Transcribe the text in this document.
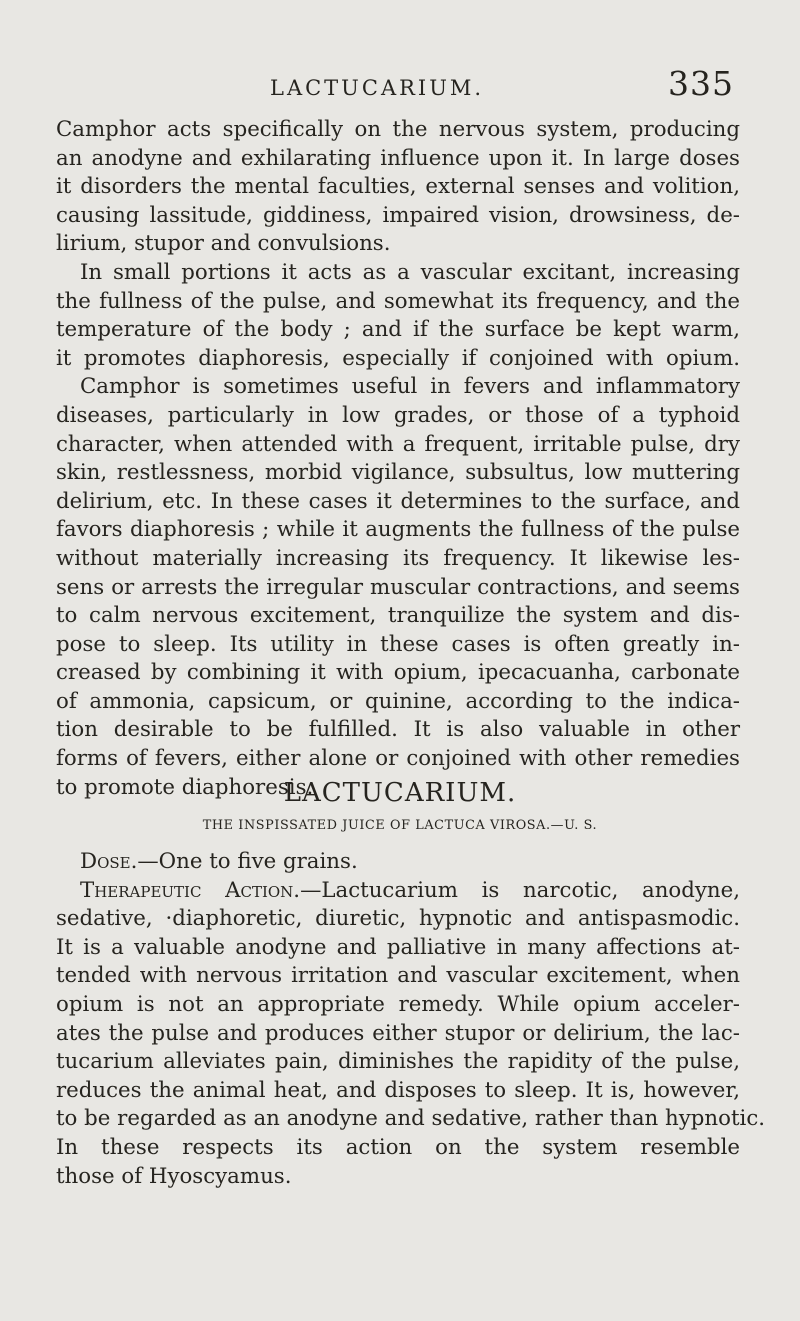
LACTUCARIUM.	335
Camphor acts specifically on the nervous system, producing
an anodyne and exhilarating influence upon it. In large doses
it disorders the mental faculties, external senses and volition,
causing lassitude, giddiness, impaired vision, drowsiness, de-
lirium, stupor and convulsions.
In small portions it acts as a vascular excitant, increasing
the fullness of the pulse, and somewhat its frequency, and the
temperature of the body ; and if the surface be kept warm,
it promotes diaphoresis, especially if conjoined with opium.
Camphor is sometimes useful in fevers and inflammatory
diseases, particularly in low grades, or those of a typhoid
character, when attended with a frequent, irritable pulse, dry
skin, restlessness, morbid vigilance, subsultus, low muttering
delirium, etc. In these cases it determines to the surface, and
favors diaphoresis ; while it augments the fullness of the pulse
without materially increasing its frequency. It likewise les-
sens or arrests the irregular muscular contractions, and seems
to calm nervous excitement, tranquilize the system and dis-
pose to sleep. Its utility in these cases is often greatly in-
creased by combining it with opium, ipecacuanha, carbonate
of ammonia, capsicum, or quinine, according to the indica-
tion desirable to be fulfilled. It is also valuable in other
forms of fevers, either alone or conjoined with other remedies
to promote diaphoresis.
LACTUCARIUM.
THE INSPISSATED JUICE OF LACTUCA VIROSA.—U. S.
Dose.—One to five grains.
Therapeutic Action.—Lactucarium is narcotic, anodyne,
sedative, ·diaphoretic, diuretic, hypnotic and antispasmodic.
It is a valuable anodyne and palliative in many affections at-
tended with nervous irritation and vascular excitement, when
opium is not an appropriate remedy. While opium acceler-
ates the pulse and produces either stupor or delirium, the lac-
tucarium alleviates pain, diminishes the rapidity of the pulse,
reduces the animal heat, and disposes to sleep. It is, however,
to be regarded as an anodyne and sedative, rather than hypnotic.
In these respects its action on the system resemble
those of Hyoscyamus.
